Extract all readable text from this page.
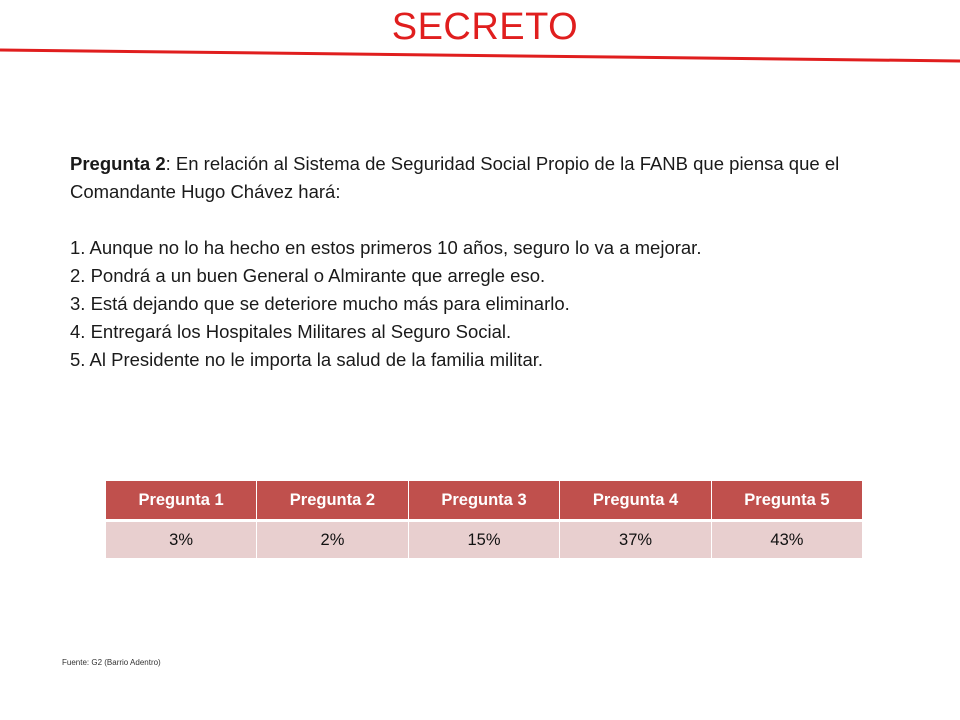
SECRETO

Pregunta 2: En relación al Sistema de Seguridad Social Propio de la FANB que piensa que el Comandante Hugo Chávez hará:

1. Aunque no lo ha hecho en estos primeros 10 años, seguro lo va a mejorar.

2. Pondrá a un buen General o Almirante que arregle eso.

3. Está dejando que se deteriore mucho más para eliminarlo.

4. Entregará los Hospitales Militares al Seguro Social.

5. Al Presidente no le importa la salud de la familia militar.

Pregunta 1	Pregunta 2	Pregunta 3	Pregunta 4	Pregunta 5
3%	2%	15%	37%	43%
Fuente: G2 (Barrio Adentro)
